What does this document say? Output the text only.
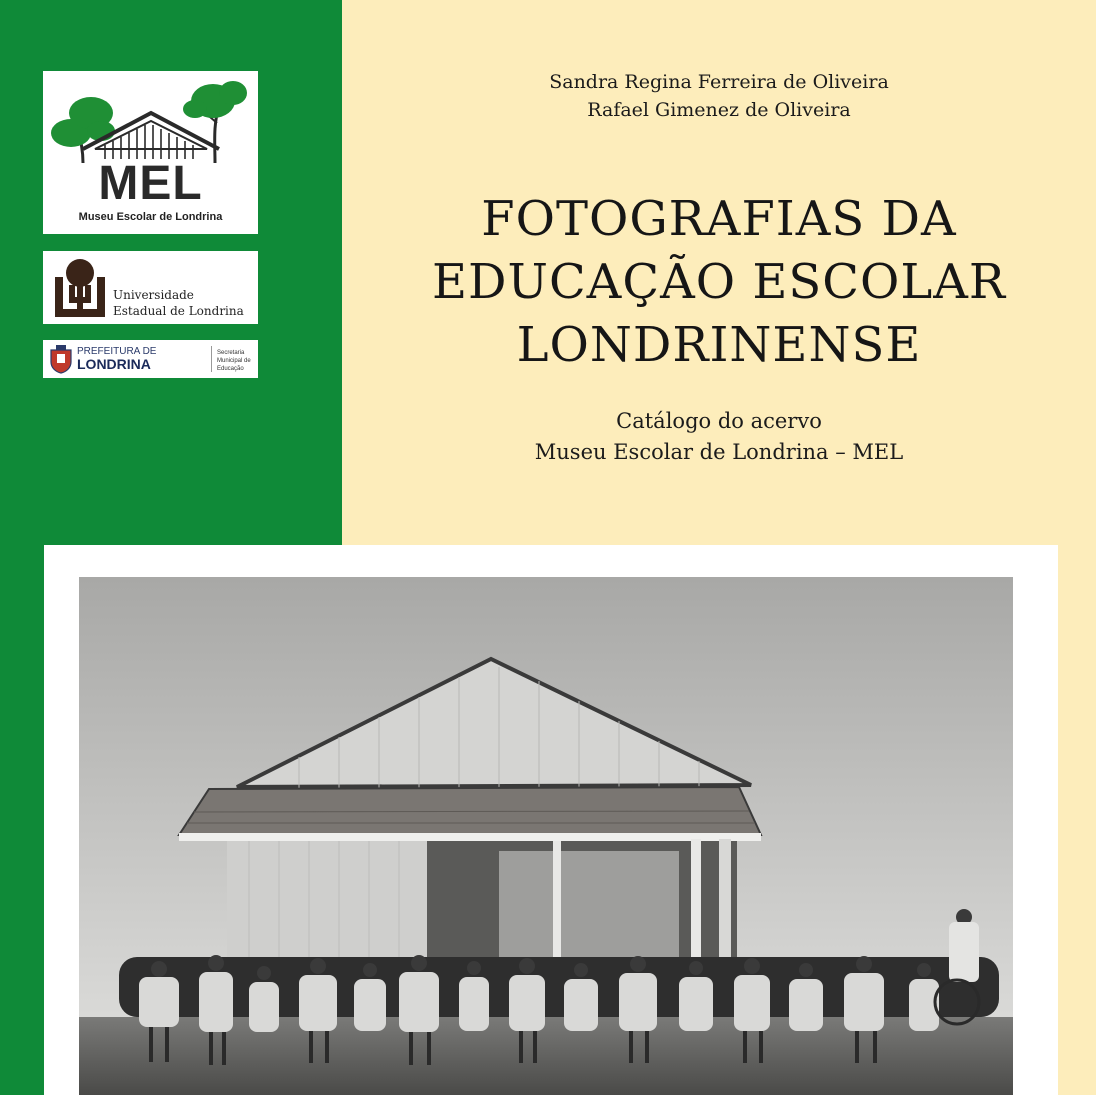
MEL
Museu Escolar de Londrina
Universidade
Estadual de Londrina
PREFEITURA DE
LONDRINA
Secretaria Municipal de Educação
Sandra Regina Ferreira de Oliveira
Rafael Gimenez de Oliveira
FOTOGRAFIAS DA
EDUCAÇÃO ESCOLAR
LONDRINENSE
Catálogo do acervo
Museu Escolar de Londrina – MEL
